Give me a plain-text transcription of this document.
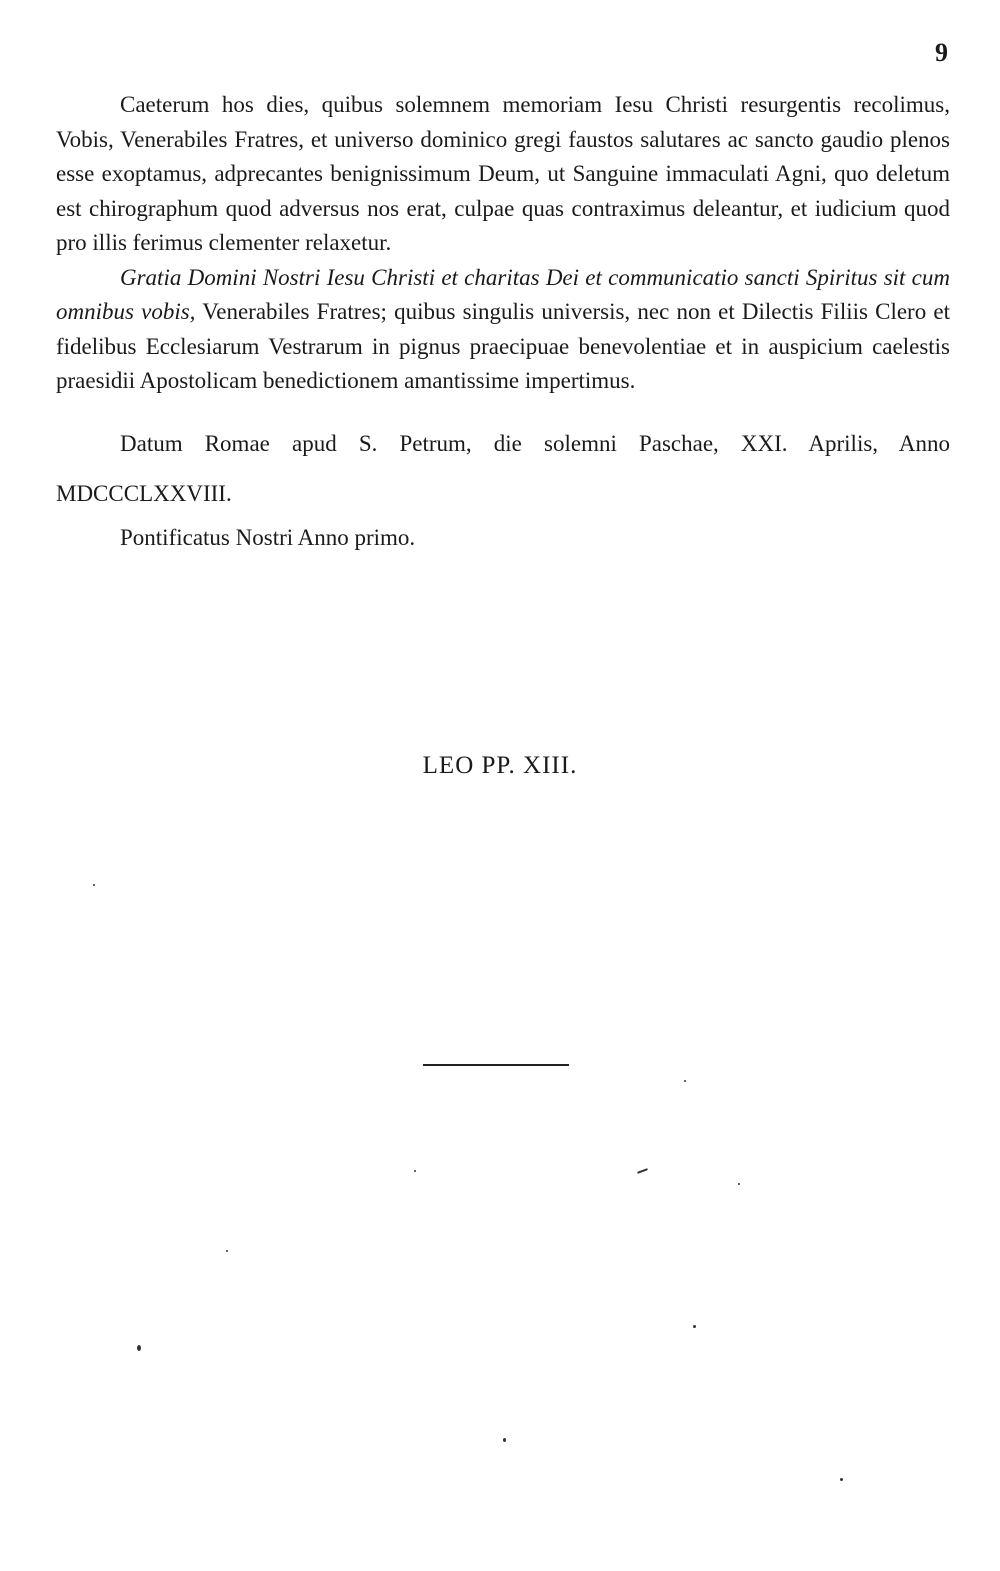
9

Caeterum hos dies, quibus solemnem memoriam Iesu Christi resurgentis recolimus, Vobis, Venerabiles Fratres, et universo dominico gregi faustos salutares ac sancto gaudio plenos esse exoptamus, adprecantes benignissimum Deum, ut Sanguine immaculati Agni, quo deletum est chirographum quod adversus nos erat, culpae quas contraximus deleantur, et iudicium quod pro illis ferimus clementer relaxetur.

Gratia Domini Nostri Iesu Christi et charitas Dei et communicatio sancti Spiritus sit cum omnibus vobis, Venerabiles Fratres; quibus singulis universis, nec non et Dilectis Filiis Clero et fidelibus Ecclesiarum Vestrarum in pignus praecipuae benevolentiae et in auspicium caelestis praesidii Apostolicam benedictionem amantissime impertimus.

Datum Romae apud S. Petrum, die solemni Paschae, XXI. Aprilis, Anno MDCCCLXXVIII.

Pontificatus Nostri Anno primo.

LEO PP. XIII.
